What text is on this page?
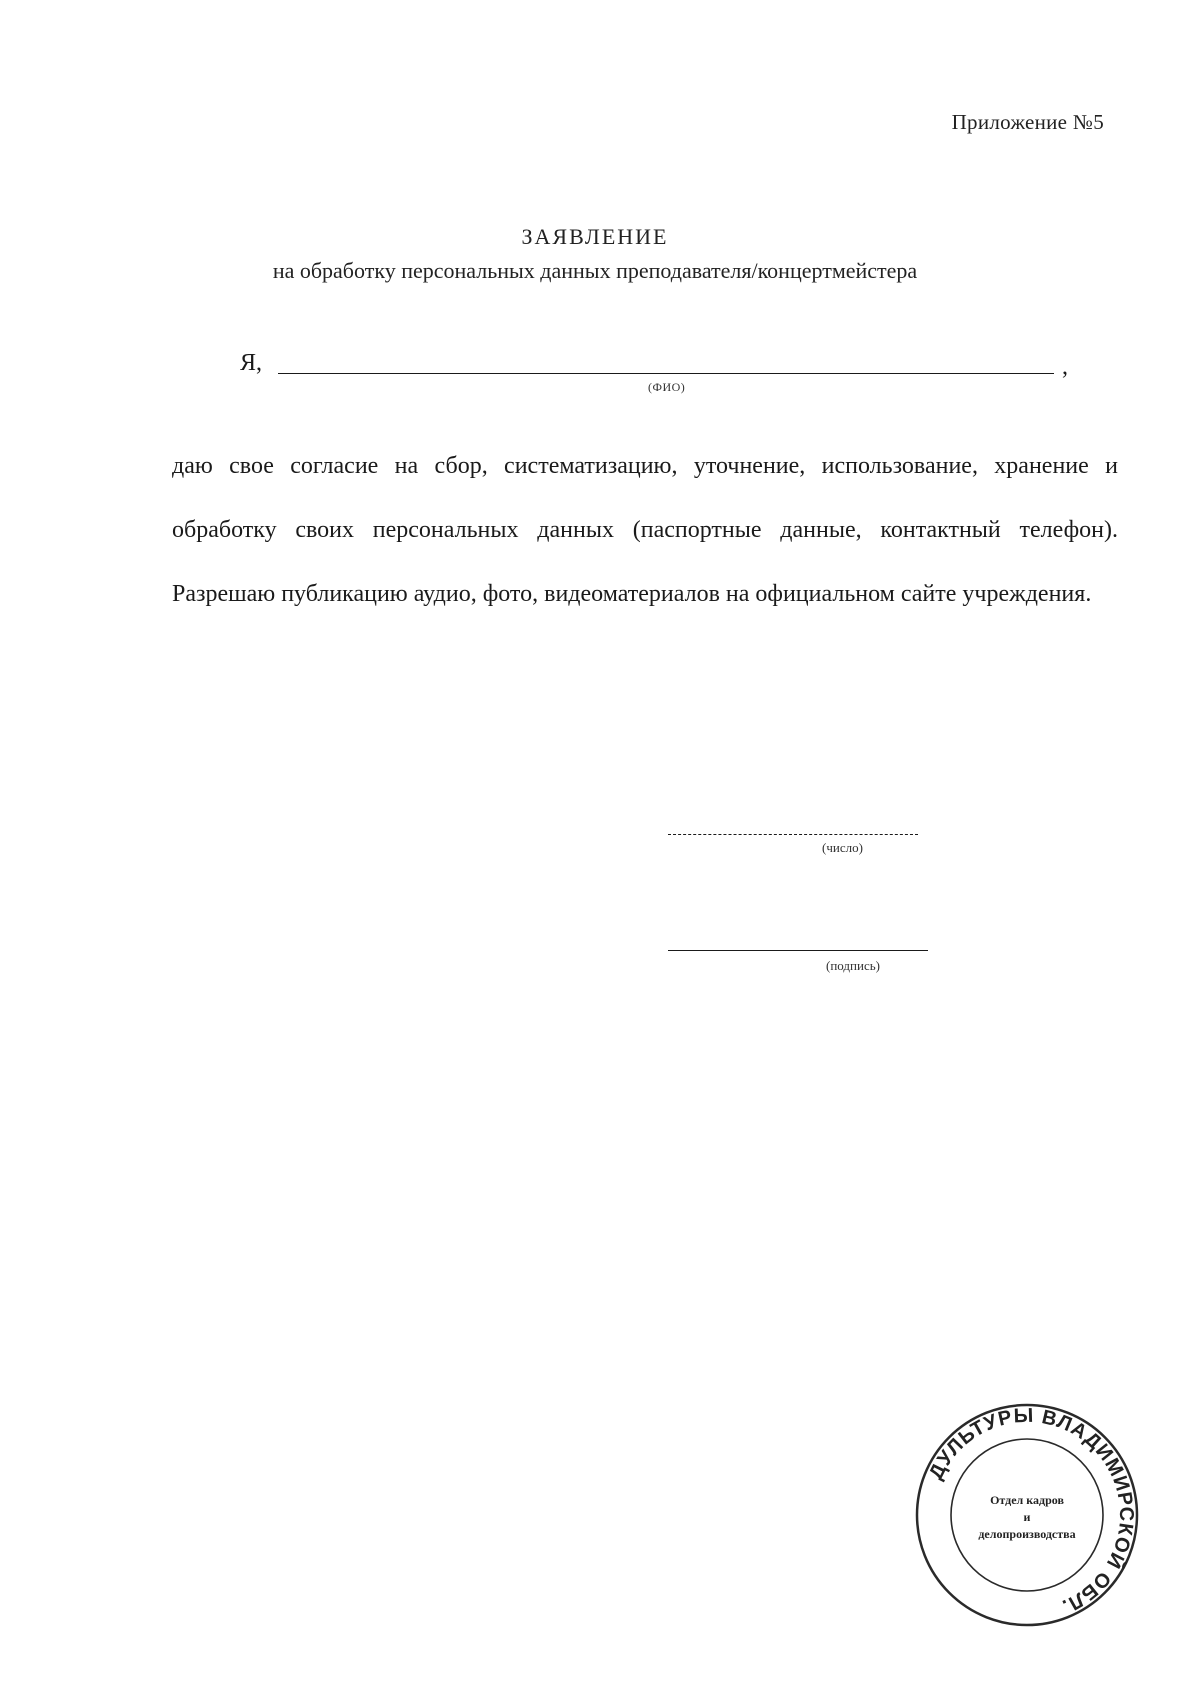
Приложение №5
ЗАЯВЛЕНИЕ
на обработку персональных данных преподавателя/концертмейстера
Я,	,
(ФИО)
даю свое согласие на сбор, систематизацию, уточнение, использование, хранение и обработку своих персональных данных (паспортные данные, контактный телефон). Разрешаю публикацию аудио, фото, видеоматериалов на официальном сайте учреждения.
(число)
(подпись)
ДУЛЬТУРЫ ВЛАДИМИРСКОЙ ОБЛ.
Отдел кадров
и
делопроизводства
